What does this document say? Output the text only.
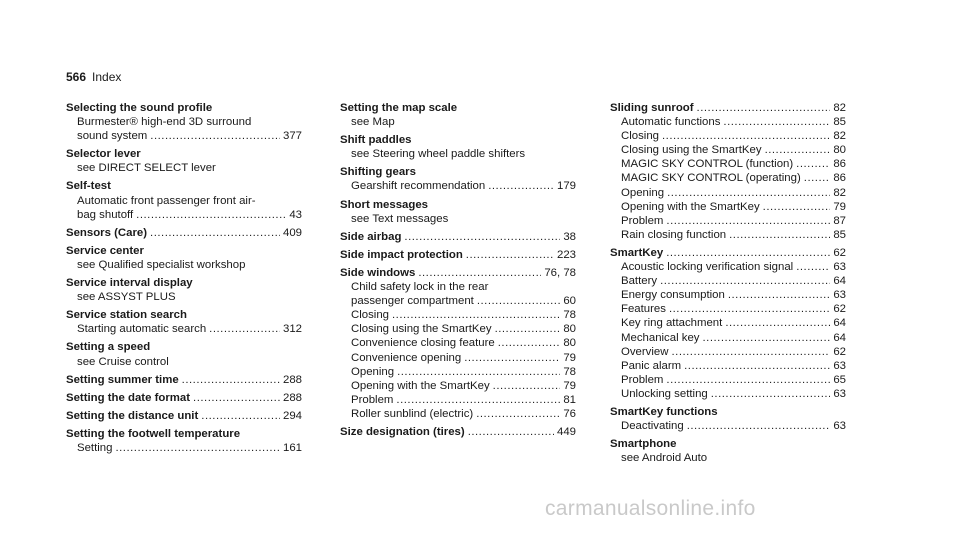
566 Index
Selecting the sound profile
Burmester® high-end 3D surround
sound system .....	377
Selector lever
see DIRECT SELECT lever
Self-test
Automatic front passenger front air-
bag shutoff .....	43
Sensors (Care) .....	409
Service center
see Qualified specialist workshop
Service interval display
see ASSYST PLUS
Service station search
Starting automatic search .....	312
Setting a speed
see Cruise control
Setting summer time .....	288
Setting the date format .....	288
Setting the distance unit .....	294
Setting the footwell temperature
Setting .....	161
Setting the map scale
see Map
Shift paddles
see Steering wheel paddle shifters
Shifting gears
Gearshift recommendation .....	179
Short messages
see Text messages
Side airbag .....	38
Side impact protection .....	223
Side windows .....	76, 78
Child safety lock in the rear
passenger compartment .....	60
Closing .....	78
Closing using the SmartKey .....	80
Convenience closing feature .....	80
Convenience opening .....	79
Opening .....	78
Opening with the SmartKey .....	79
Problem .....	81
Roller sunblind (electric) .....	76
Size designation (tires) .....	449
Sliding sunroof .....	82
Automatic functions .....	85
Closing .....	82
Closing using the SmartKey .....	80
MAGIC SKY CONTROL (function) .....	86
MAGIC SKY CONTROL (operating) .....	86
Opening .....	82
Opening with the SmartKey .....	79
Problem .....	87
Rain closing function .....	85
SmartKey .....	62
Acoustic locking verification signal .....	63
Battery .....	64
Energy consumption .....	63
Features .....	62
Key ring attachment .....	64
Mechanical key .....	64
Overview .....	62
Panic alarm .....	63
Problem .....	65
Unlocking setting .....	63
SmartKey functions
Deactivating .....	63
Smartphone
see Android Auto
carmanualsonline.info
